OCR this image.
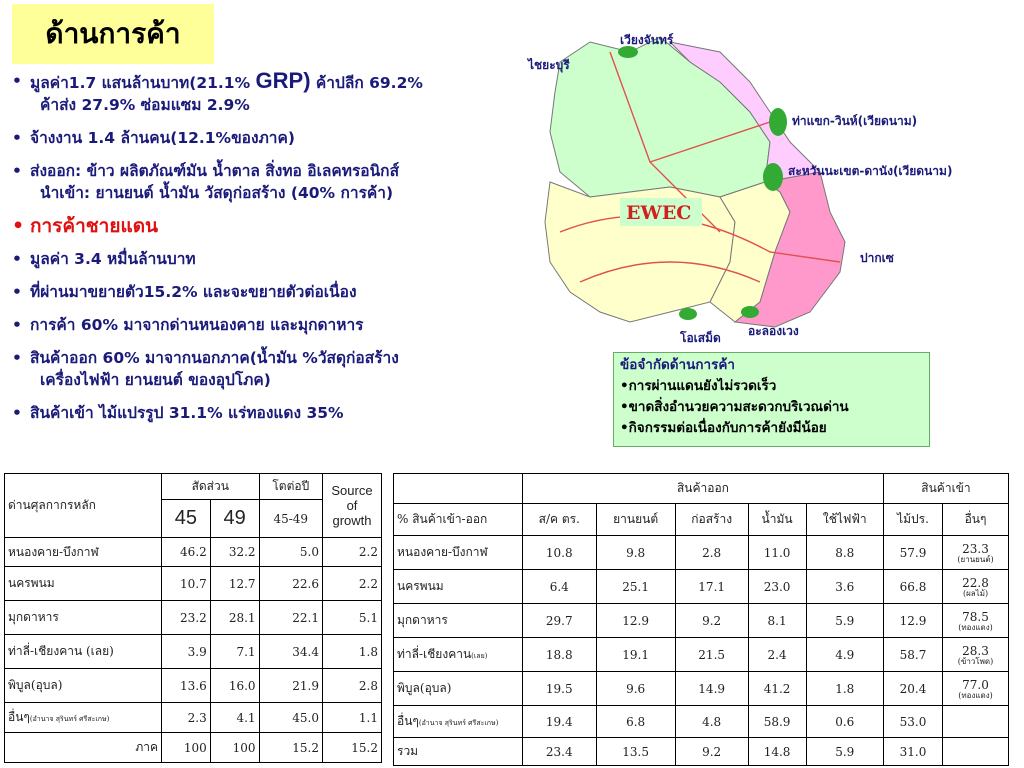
ด้านการค้า
• มูลค่า1.7 แสนล้านบาท(21.1% GRP) ค้าปลีก 69.2%
ค้าส่ง 27.9% ซ่อมแซม 2.9%
• จ้างงาน 1.4 ล้านคน(12.1%ของภาค)
• ส่งออก: ข้าว ผลิตภัณฑ์มัน น้ำตาล สิ่งทอ อิเลคทรอนิกส์
นำเข้า: ยานยนต์ น้ำมัน วัสดุก่อสร้าง (40% การค้า)
• การค้าชายแดน
• มูลค่า 3.4 หมื่นล้านบาท
• ที่ผ่านมาขยายตัว15.2% และจะขยายตัวต่อเนื่อง
• การค้า 60% มาจากด่านหนองคาย และมุกดาหาร
• สินค้าออก 60% มาจากนอกภาค(น้ำมัน %วัสดุก่อสร้าง
เครื่องไฟฟ้า ยานยนต์ ของอุปโภค)
• สินค้าเข้า ไม้แปรรูป 31.1% แร่ทองแดง 35%
เวียงจันทร์
ไชยะบุรี
ท่าแขก-วินห์(เวียดนาม)
สะหวันนะเขต-ดานัง(เวียดนาม)
ปากเซ
โอเสม็ด อะลองเวง
EWEC
ข้อจำกัดด้านการค้า
•การผ่านแดนยังไม่รวดเร็ว
•ขาดสิ่งอำนวยความสะดวกบริเวณด่าน
•กิจกรรมต่อเนื่องกับการค้ายังมีน้อย
ด่านศุลกากรหลัก	สัดส่วน		โตต่อปี	Source of growth
	45	49	45-49	
หนองคาย-บึงกาฬ	46.2	32.2	5.0	2.2
นครพนม	10.7	12.7	22.6	2.2
มุกดาหาร	23.2	28.1	22.1	5.1
ท่าลี่-เชียงคาน (เลย)	3.9	7.1	34.4	1.8
พิบูล(อุบล)	13.6	16.0	21.9	2.8
อื่นๆ(อำนาจ สุรินทร์ ศรีสะเกษ)	2.3	4.1	45.0	1.1
ภาค	100	100	15.2	15.2
	สินค้าออก					สินค้าเข้า	
% สินค้าเข้า-ออก	ส/ค ตร.	ยานยนต์	ก่อสร้าง	น้ำมัน	ใช้ไฟฟ้า	ไม้ปร.	อื่นๆ
หนองคาย-บึงกาฬ	10.8	9.8	2.8	11.0	8.8	57.9	23.3
(ยานยนต์)

นครพนม	6.4	25.1	17.1	23.0	3.6	66.8	22.8
(ผลไม้)

มุกดาหาร	29.7	12.9	9.2	8.1	5.9	12.9	78.5
(ทองแดง)

ท่าลี่-เชียงคาน(เลย)	18.8	19.1	21.5	2.4	4.9	58.7	28.3
(ข้าวโพด)

พิบูล(อุบล)	19.5	9.6	14.9	41.2	1.8	20.4	77.0
(ทองแดง)

อื่นๆ(อำนาจ สุรินทร์ ศรีสะเกษ)	19.4	6.8	4.8	58.9	0.6	53.0	
รวม	23.4	13.5	9.2	14.8	5.9	31.0	
